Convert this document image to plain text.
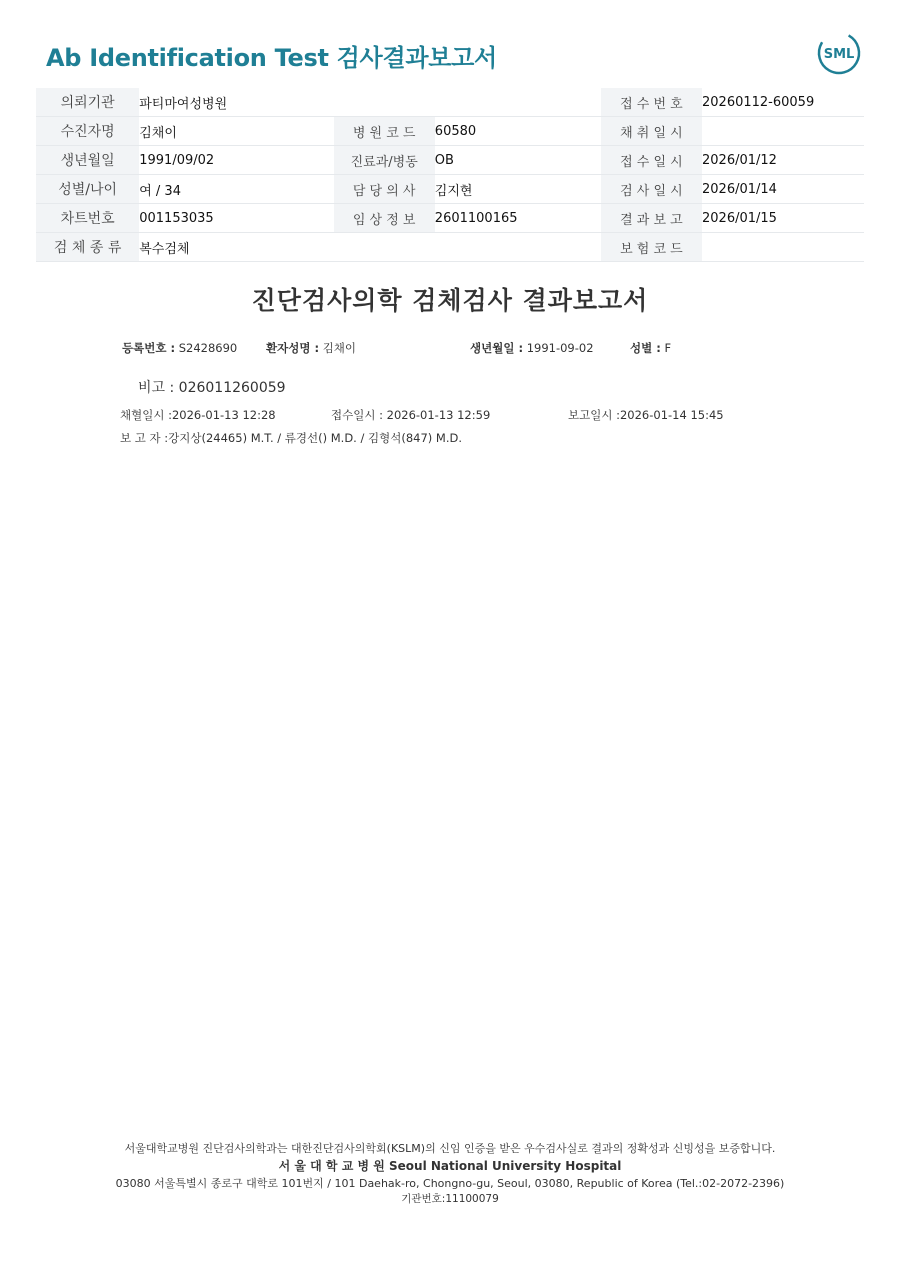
Ab Identification Test 검사결과보고서	SML
의뢰기관	파티마여성병원				접 수 번 호	20260112-60059
수진자명	김채이	병 원 코 드	60580		채 취 일 시	
생년월일	1991/09/02	진료과/병동	OB		접 수 일 시	2026/01/12
성별/나이	여 / 34	담 당 의 사	김지현		검 사 일 시	2026/01/14
차트번호	001153035	임 상 정 보	2601100165		결 과 보 고	2026/01/15
검 체 종 류	복수검체				보 험 코 드	
진단검사의학 검체검사 결과보고서
등록번호 : S2428690	환자성명 : 김채이	생년월일 : 1991-09-02	성별 : F
비고 : 026011260059
채혈일시 :2026-01-13 12:28	접수일시 : 2026-01-13 12:59	보고일시 :2026-01-14 15:45
보 고 자 :강지상(24465) M.T. / 류경선() M.D. / 김형석(847) M.D.
서울대학교병원 진단검사의학과는 대한진단검사의학회(KSLM)의 신임 인증을 받은 우수검사실로 결과의 정확성과 신빙성을 보증합니다.
서 울 대 학 교 병 원 Seoul National University Hospital
03080 서울특별시 종로구 대학로 101번지 / 101 Daehak-ro, Chongno-gu, Seoul, 03080, Republic of Korea (Tel.:02-2072-2396)
기관번호:11100079
